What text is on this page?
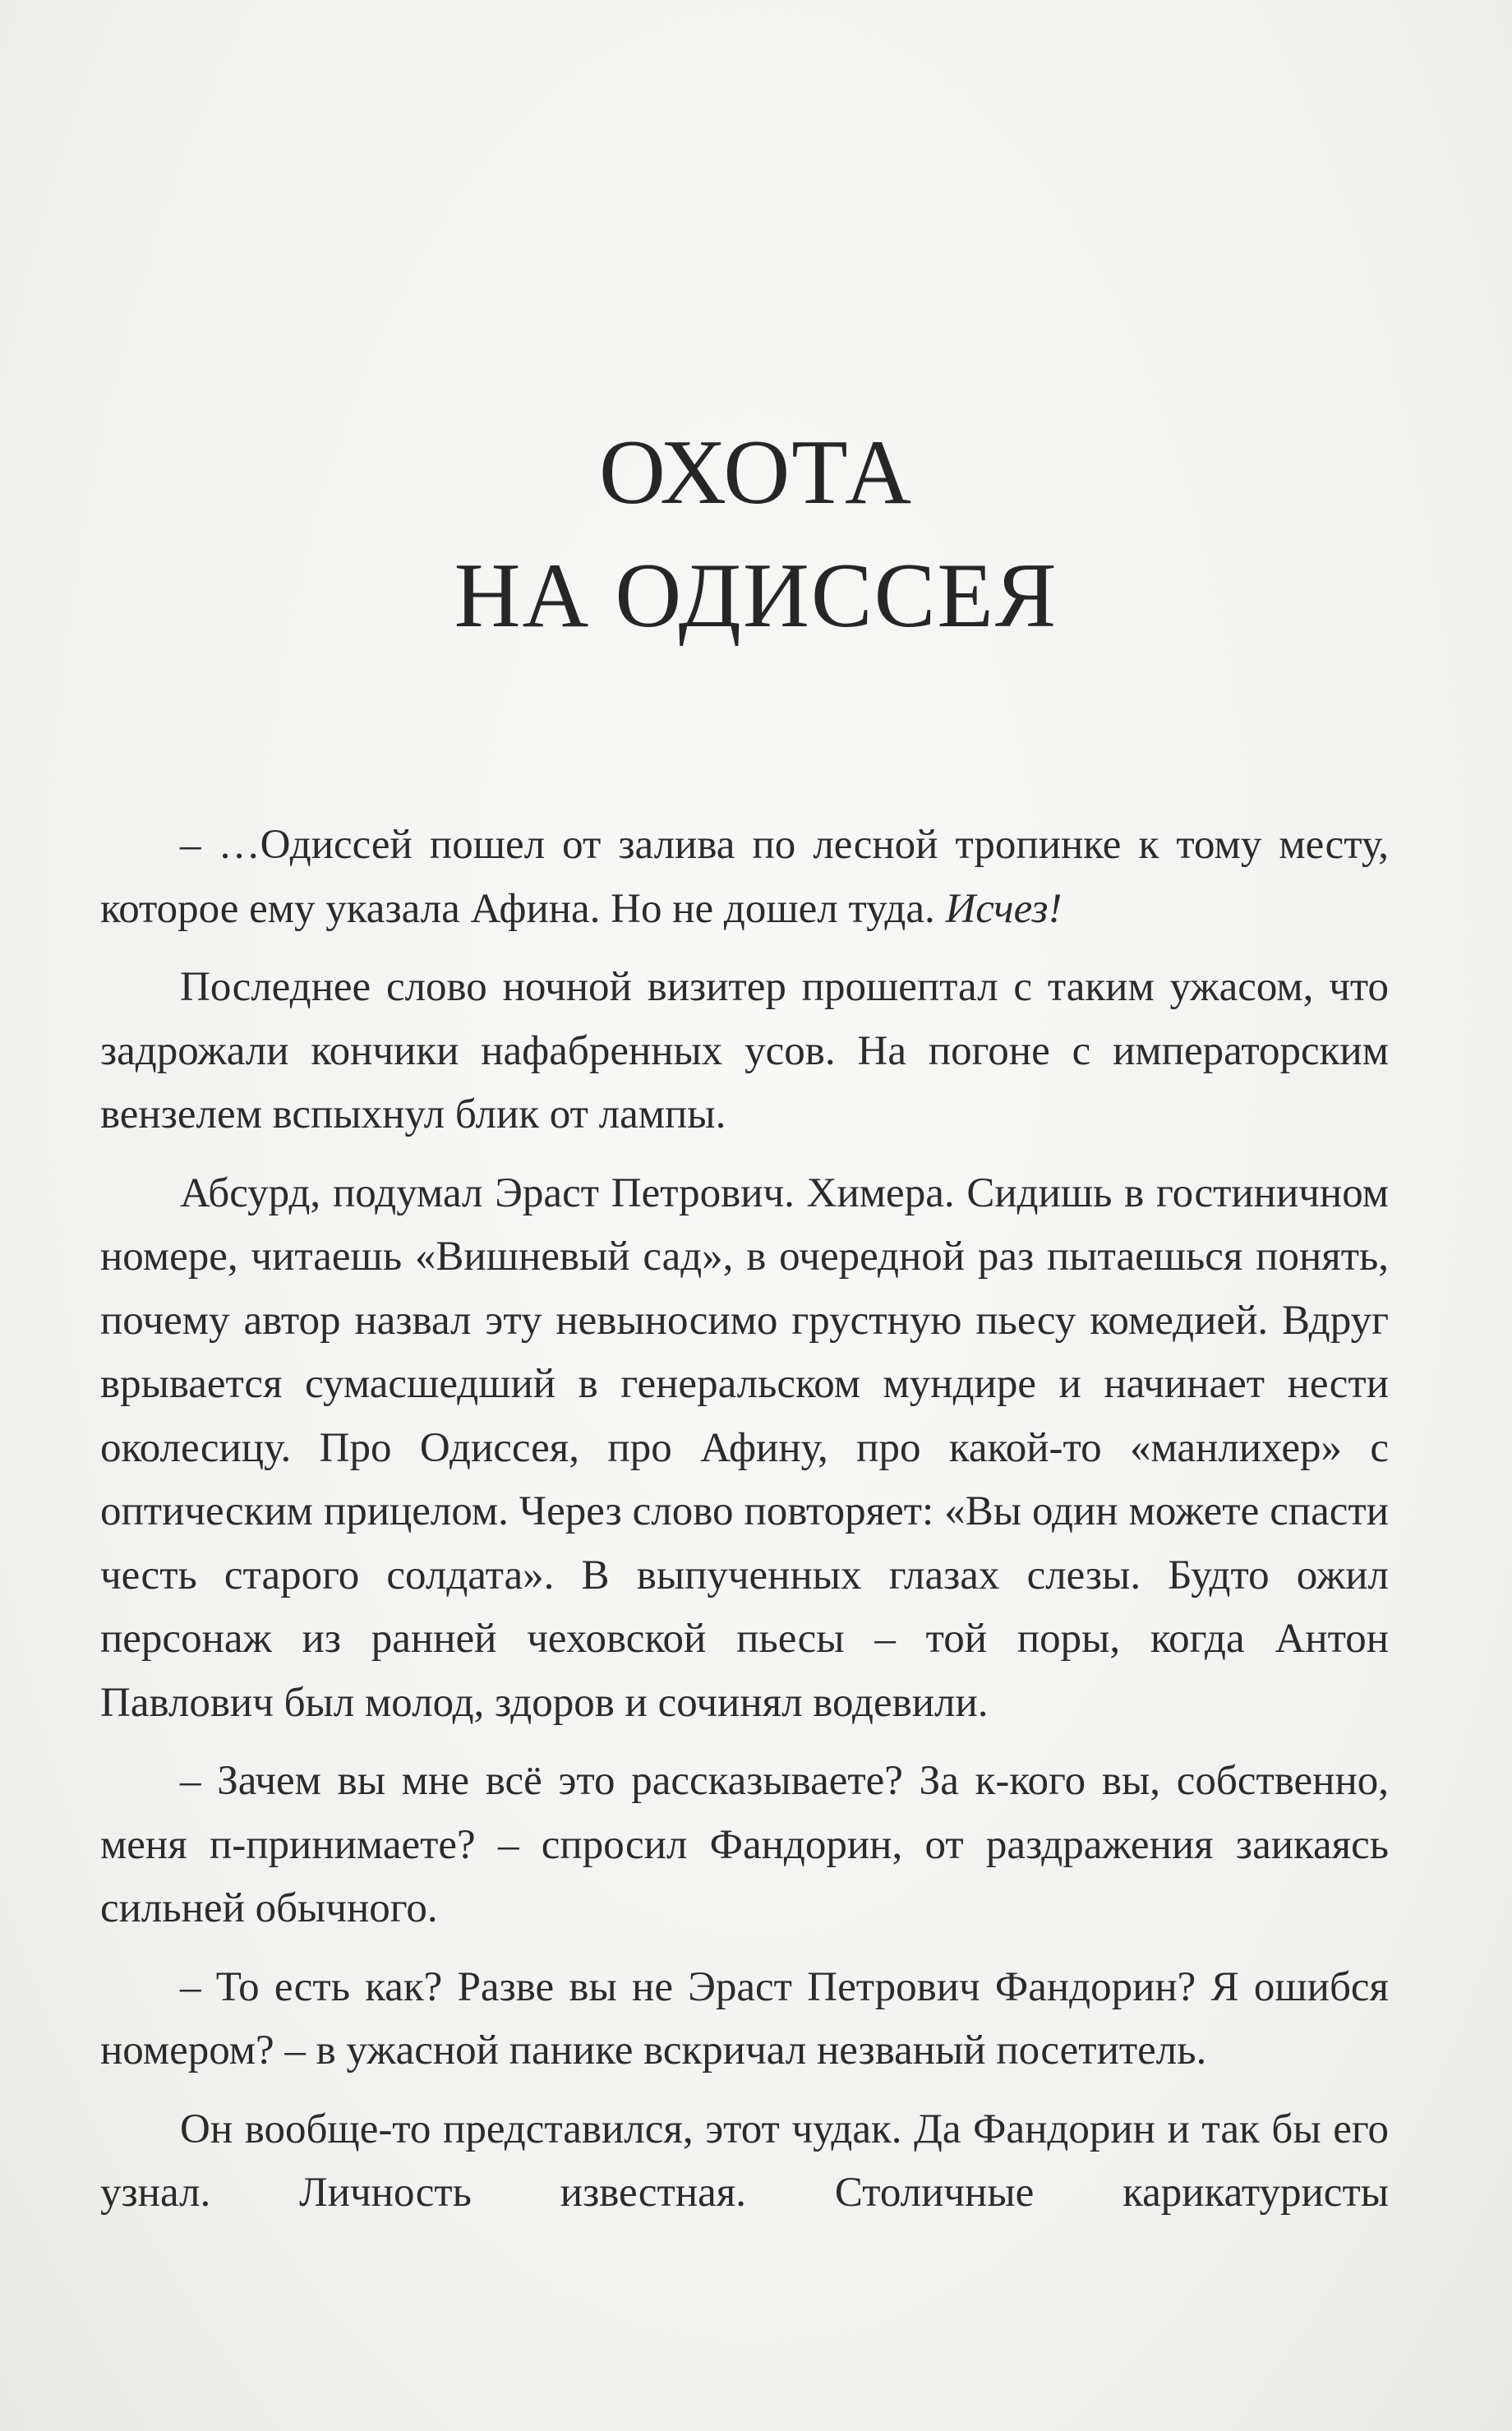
ОХОТА
НА ОДИССЕЯ

– …Одиссей пошел от залива по лесной тропинке к тому месту, которое ему указала Афина. Но не дошел туда. Исчез!

Последнее слово ночной визитер прошептал с таким ужасом, что задрожали кончики нафабренных усов. На погоне с императорским вензелем вспыхнул блик от лампы.

Абсурд, подумал Эраст Петрович. Химера. Сидишь в гостиничном номере, читаешь «Вишневый сад», в очередной раз пытаешься понять, почему автор назвал эту невыносимо грустную пьесу комедией. Вдруг врывается сумасшедший в генеральском мундире и начинает нести околесицу. Про Одиссея, про Афину, про какой-то «манлихер» с оптическим прицелом. Через слово повторяет: «Вы один можете спасти честь старого солдата». В выпученных глазах слезы. Будто ожил персонаж из ранней чеховской пьесы – той поры, когда Антон Павлович был молод, здоров и сочинял водевили.

– Зачем вы мне всё это рассказываете? За к-кого вы, собственно, меня п-принимаете? – спросил Фандорин, от раздражения заикаясь сильней обычного.

– То есть как? Разве вы не Эраст Петрович Фандорин? Я ошибся номером? – в ужасной панике вскричал незваный посетитель.

Он вообще-то представился, этот чудак. Да Фандорин и так бы его узнал. Личность известная. Столичные карикатуристы
